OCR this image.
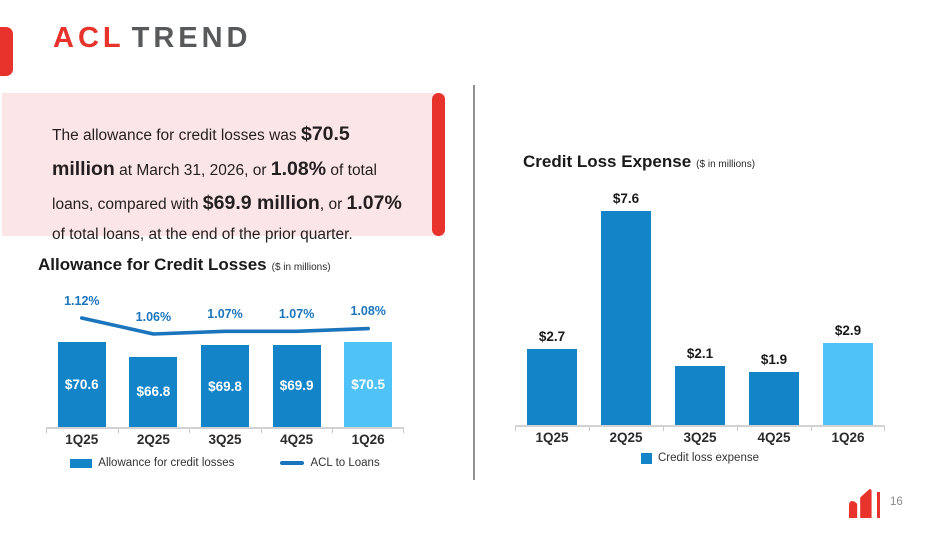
ACL TREND

The allowance for credit losses was $70.5 million at March 31, 2026, or 1.08% of total loans, compared with $69.9 million, or 1.07% of total loans, at the end of the prior quarter.

Allowance for Credit Losses ($ in millions)
$70.6	$66.8	$69.8	$69.9	$70.5
1.12%
1.06%	1.07%	1.07%	1.08%
1Q25	2Q25	3Q25	4Q25	1Q26
Allowance for credit losses	ACL to Loans
Credit Loss Expense ($ in millions)
$2.7
$7.6
$2.1	$1.9
$2.9
1Q25	2Q25	3Q25	4Q25	1Q26
Credit loss expense
16
